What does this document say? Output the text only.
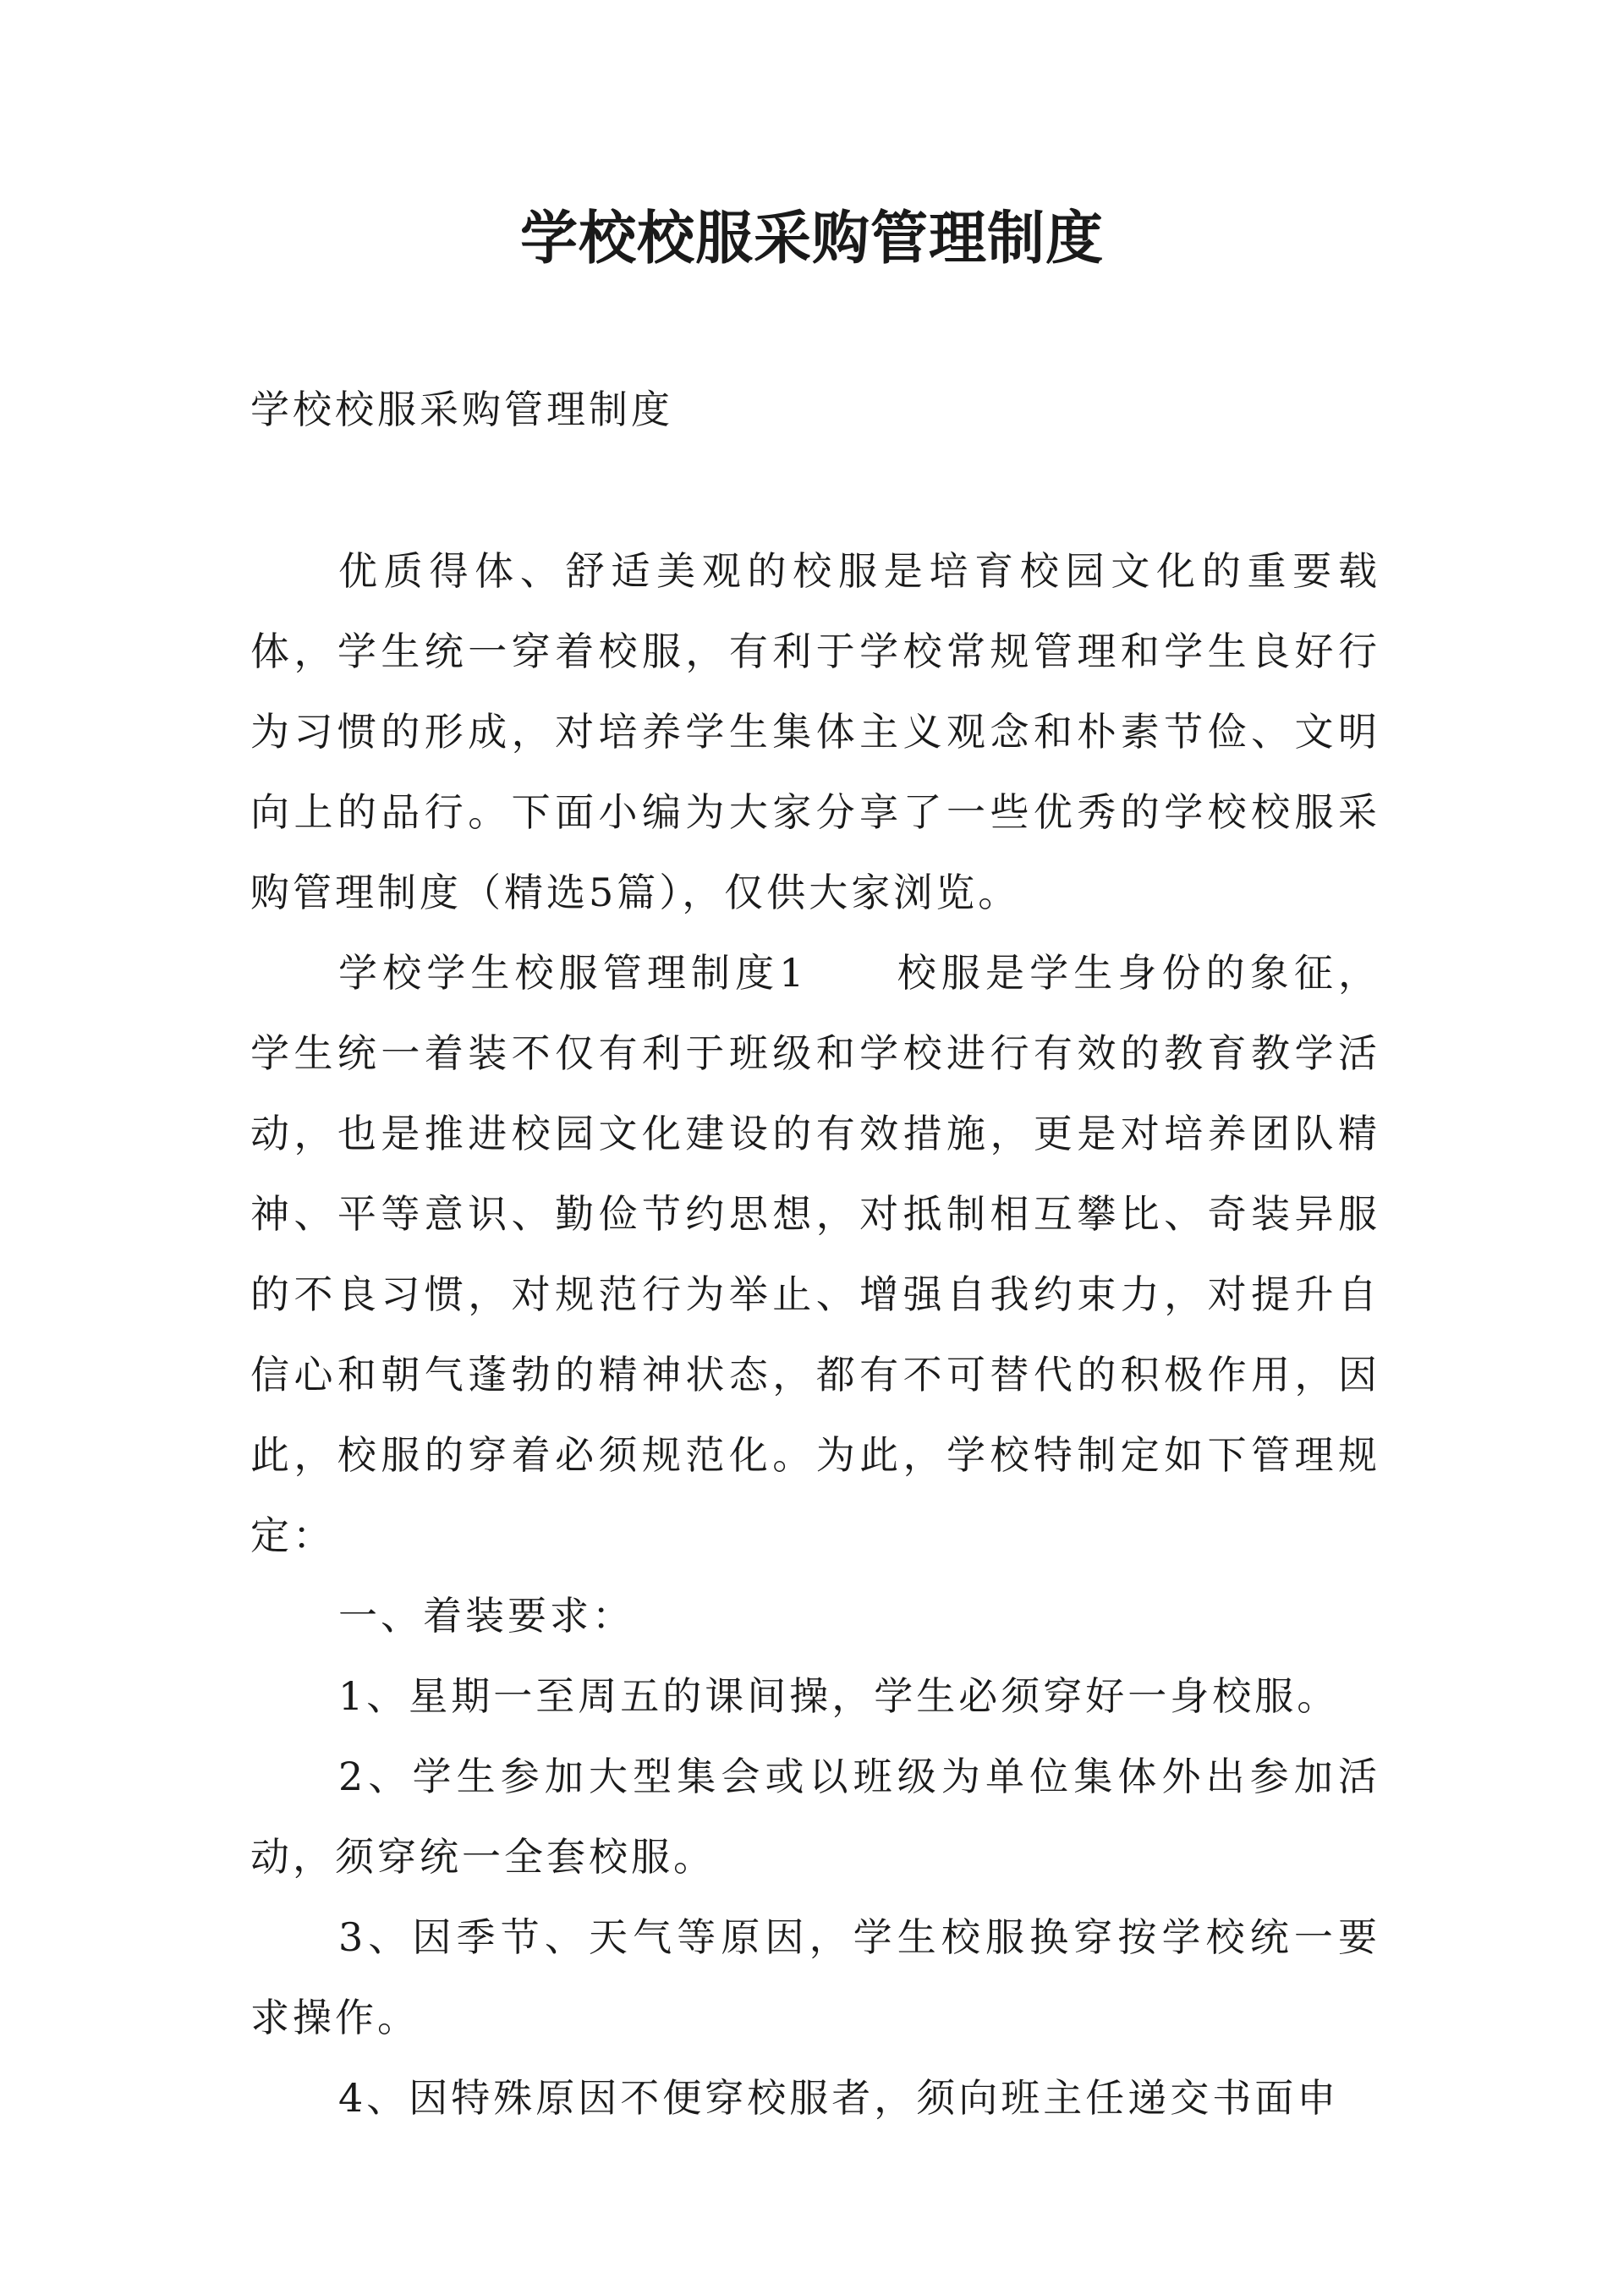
学校校服采购管理制度

学校校服采购管理制度

优质得体、舒适美观的校服是培育校园文化的重要载体，学生统一穿着校服，有利于学校常规管理和学生良好行为习惯的形成，对培养学生集体主义观念和朴素节俭、文明向上的品行。下面小编为大家分享了一些优秀的学校校服采购管理制度（精选5篇），仅供大家浏览。

学校学生校服管理制度1　　校服是学生身份的象征，学生统一着装不仅有利于班级和学校进行有效的教育教学活动，也是推进校园文化建设的有效措施，更是对培养团队精神、平等意识、勤俭节约思想，对抵制相互攀比、奇装异服的不良习惯，对规范行为举止、增强自我约束力，对提升自信心和朝气蓬勃的精神状态，都有不可替代的积极作用，因此，校服的穿着必须规范化。为此，学校特制定如下管理规定：

一、着装要求：

1、星期一至周五的课间操，学生必须穿好一身校服。

2、学生参加大型集会或以班级为单位集体外出参加活动，须穿统一全套校服。

3、因季节、天气等原因，学生校服换穿按学校统一要求操作。

4、因特殊原因不便穿校服者，须向班主任递交书面申
